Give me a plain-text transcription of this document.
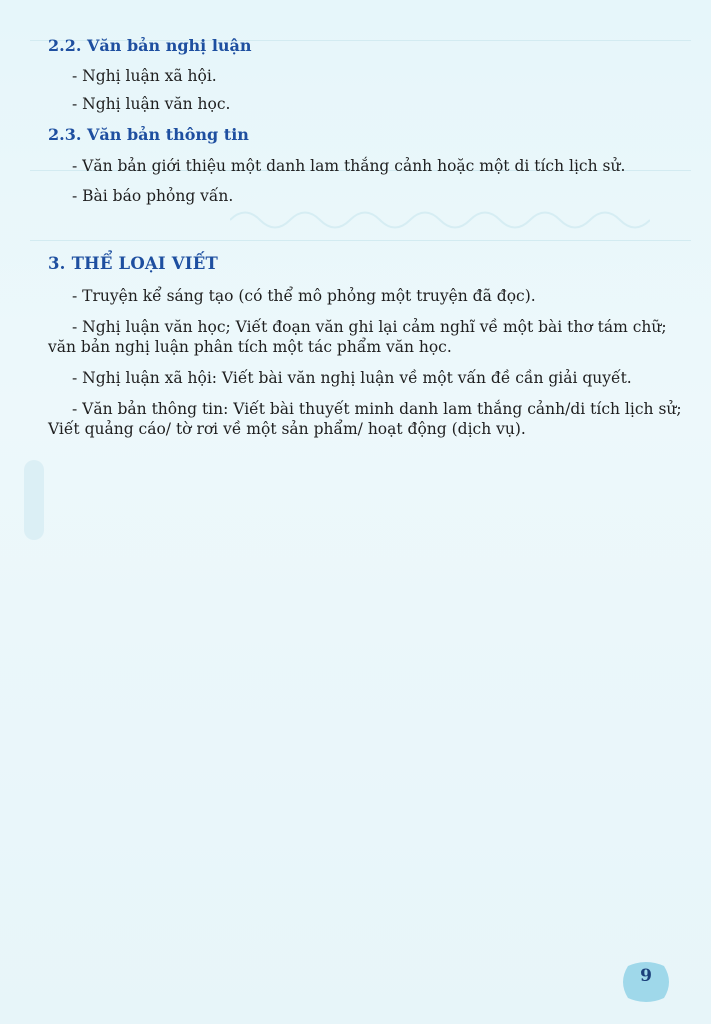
2.2. Văn bản nghị luận
- Nghị luận xã hội.
- Nghị luận văn học.
2.3. Văn bản thông tin
- Văn bản giới thiệu một danh lam thắng cảnh hoặc một di tích lịch sử.
- Bài báo phỏng vấn.
3. THỂ LOẠI VIẾT
- Truyện kể sáng tạo (có thể mô phỏng một truyện đã đọc).
- Nghị luận văn học; Viết đoạn văn ghi lại cảm nghĩ về một bài thơ tám chữ;
văn bản nghị luận phân tích một tác phẩm văn học.
- Nghị luận xã hội: Viết bài văn nghị luận về một vấn đề cần giải quyết.
- Văn bản thông tin: Viết bài thuyết minh danh lam thắng cảnh/di tích lịch sử;
Viết quảng cáo/ tờ rơi về một sản phẩm/ hoạt động (dịch vụ).
9
